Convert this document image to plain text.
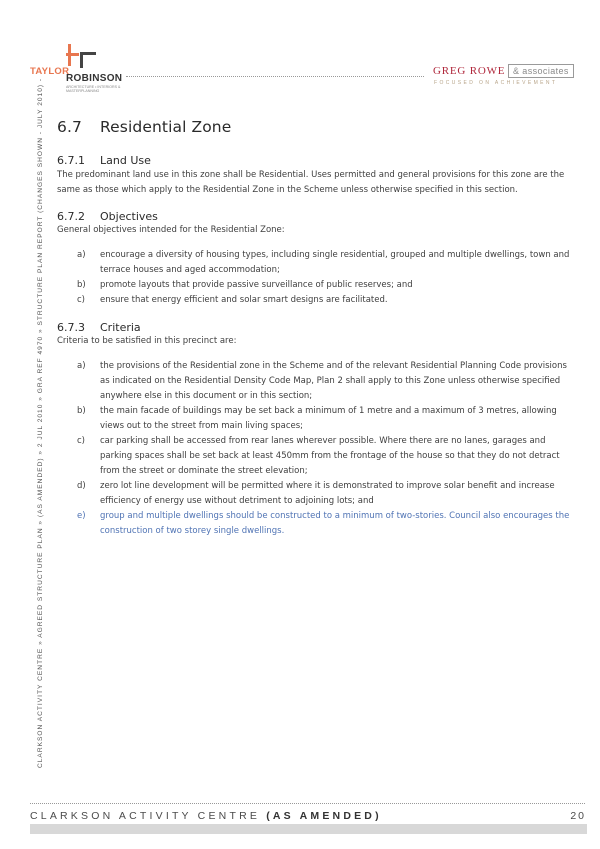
TAYLOR
ROBINSON
ARCHITECTURE • INTERIORS & MASTERPLANNING
GREG ROWE & associates
FOCUSED ON ACHIEVEMENT
CLARKSON ACTIVITY CENTRE » AGREED STRUCTURE PLAN » (AS AMENDED) » 2 JUL 2010 » GRA REF 4970 » STRUCTURE PLAN REPORT (CHANGES SHOWN - JULY 2010) - 6.7 Residential Zone
6.7.1 Land Use

The predominant land use in this zone shall be Residential. Uses permitted and general provisions for this zone are the same as those which apply to the Residential Zone in the Scheme unless otherwise specified in this section.

6.7.2 Objectives

General objectives intended for the Residential Zone:

a) encourage a diversity of housing types, including single residential, grouped and multiple dwellings, town and terrace houses and aged accommodation;
b) promote layouts that provide passive surveillance of public reserves; and
c) ensure that energy efficient and solar smart designs are facilitated.
6.7.3 Criteria

Criteria to be satisfied in this precinct are:

a) the provisions of the Residential zone in the Scheme and of the relevant Residential Planning Code provisions as indicated on the Residential Density Code Map, Plan 2 shall apply to this Zone unless otherwise specified anywhere else in this document or in this section;
b) the main facade of buildings may be set back a minimum of 1 metre and a maximum of 3 metres, allowing views out to the street from main living spaces;
c) car parking shall be accessed from rear lanes wherever possible. Where there are no lanes, garages and parking spaces shall be set back at least 450mm from the frontage of the house so that they do not detract from the street or dominate the street elevation;
d) zero lot line development will be permitted where it is demonstrated to improve solar benefit and increase efficiency of energy use without detriment to adjoining lots; and
e) group and multiple dwellings should be constructed to a minimum of two-stories. Council also encourages the construction of two storey single dwellings.
CLARKSON ACTIVITY CENTRE (AS AMENDED)	20
